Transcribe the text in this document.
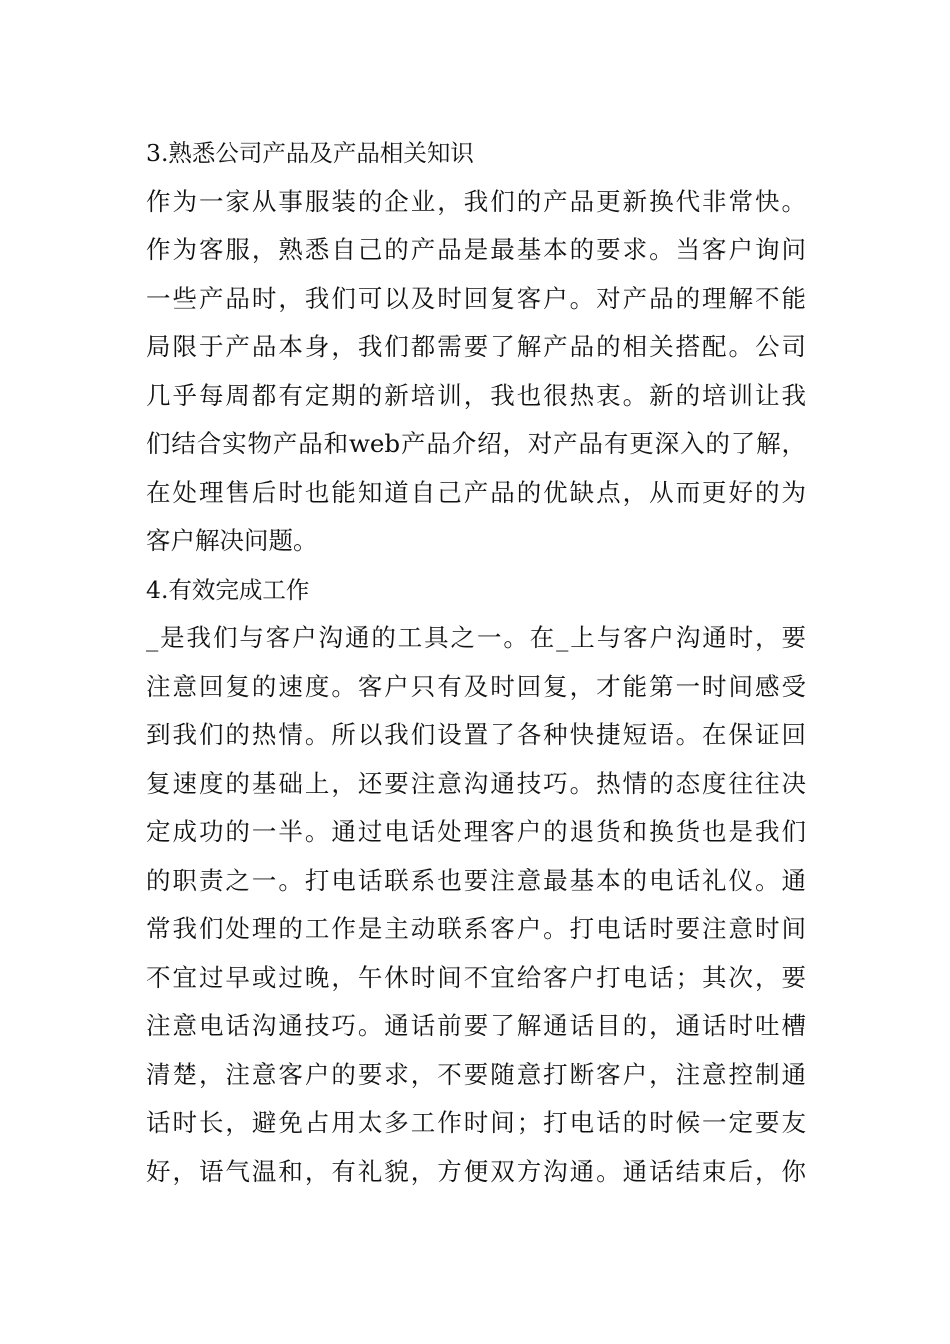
3.熟悉公司产品及产品相关知识
作为一家从事服装的企业，我们的产品更新换代非常快。
作为客服，熟悉自己的产品是最基本的要求。当客户询问
一些产品时，我们可以及时回复客户。对产品的理解不能
局限于产品本身，我们都需要了解产品的相关搭配。公司
几乎每周都有定期的新培训，我也很热衷。新的培训让我
们结合实物产品和web产品介绍，对产品有更深入的了解，
在处理售后时也能知道自己产品的优缺点，从而更好的为
客户解决问题。
4.有效完成工作
_是我们与客户沟通的工具之一。在_上与客户沟通时，要
注意回复的速度。客户只有及时回复，才能第一时间感受
到我们的热情。所以我们设置了各种快捷短语。在保证回
复速度的基础上，还要注意沟通技巧。热情的态度往往决
定成功的一半。通过电话处理客户的退货和换货也是我们
的职责之一。打电话联系也要注意最基本的电话礼仪。通
常我们处理的工作是主动联系客户。打电话时要注意时间
不宜过早或过晚，午休时间不宜给客户打电话；其次，要
注意电话沟通技巧。通话前要了解通话目的，通话时吐槽
清楚，注意客户的要求，不要随意打断客户，注意控制通
话时长，避免占用太多工作时间；打电话的时候一定要友
好，语气温和，有礼貌，方便双方沟通。通话结束后，你
